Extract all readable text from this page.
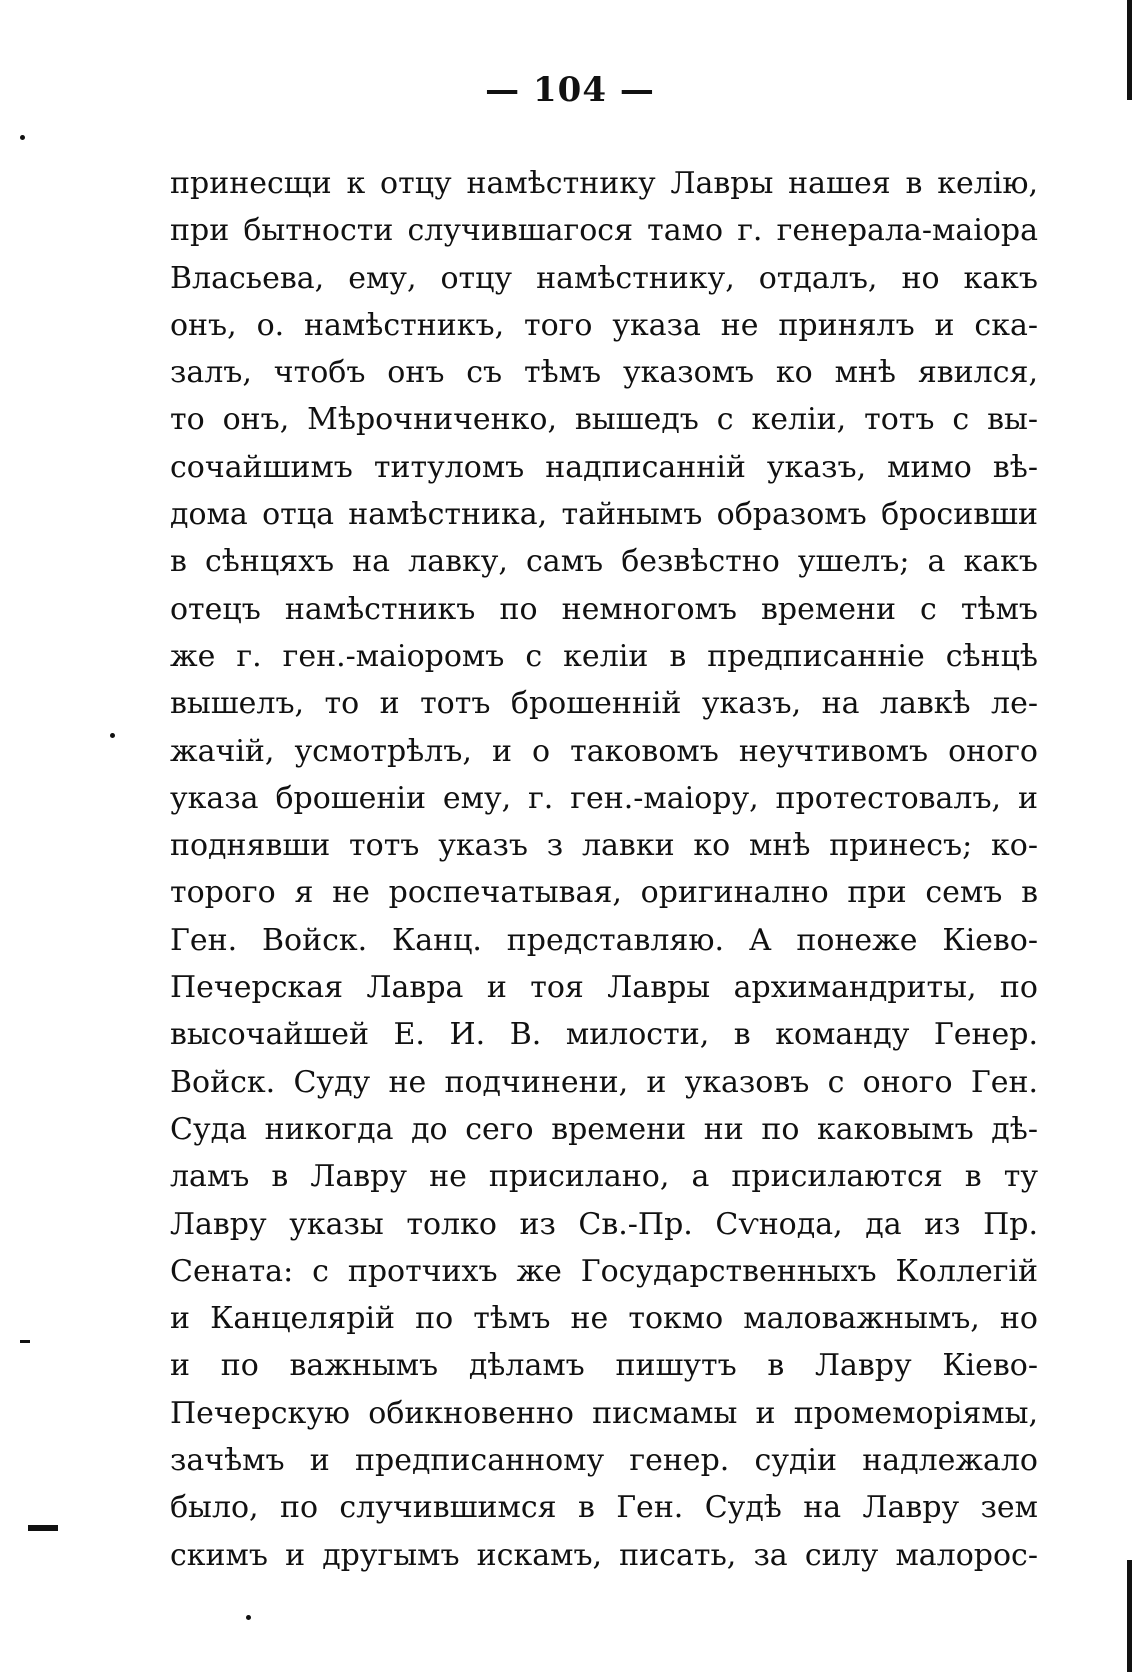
— 104 —
принесщи к отцу намѣстнику Лавры нашея в келію,
при бытности случившагося тамо г. генерала-маіора
Власьева, ему, отцу намѣстнику, отдалъ, но какъ
онъ, о. намѣстникъ, того указа не принялъ и ска-
залъ, чтобъ онъ съ тѣмъ указомъ ко мнѣ явился,
то онъ, Мѣрочниченко, вышедъ с келіи, тотъ с вы-
сочайшимъ титуломъ надписанній указъ, мимо вѣ-
дома отца намѣстника, тайнымъ образомъ бросивши
в сѣнцяхъ на лавку, самъ безвѣстно ушелъ; а какъ
отецъ намѣстникъ по немногомъ времени с тѣмъ
же г. ген.-маіоромъ с келіи в предписанніе сѣнцѣ
вышелъ, то и тотъ брошенній указъ, на лавкѣ ле-
жачій, усмотрѣлъ, и о таковомъ неучтивомъ оного
указа брошеніи ему, г. ген.-маіору, протестовалъ, и
поднявши тотъ указъ з лавки ко мнѣ принесъ; ко-
торого я не роспечатывая, оригинално при семъ в
Ген. Войск. Канц. представляю. А понеже Кіево-
Печерская Лавра и тоя Лавры архимандриты, по
высочайшей Е. И. В. милости, в команду Генер.
Войск. Суду не подчинени, и указовъ с оного Ген.
Суда никогда до сего времени ни по каковымъ дѣ-
ламъ в Лавру не присилано, а присилаются в ту
Лавру указы толко из Св.-Пр. Сѵнода, да из Пр.
Сената: с протчихъ же Государственныхъ Коллегій
и Канцелярій по тѣмъ не токмо маловажнымъ, но
и по важнымъ дѣламъ пишутъ в Лавру Кіево-
Печерскую обикновенно писмамы и промеморіямы,
зачѣмъ и предписанному генер. судіи надлежало
было, по случившимся в Ген. Судѣ на Лавру зем
скимъ и другымъ искамъ, писать, за силу малорос-
